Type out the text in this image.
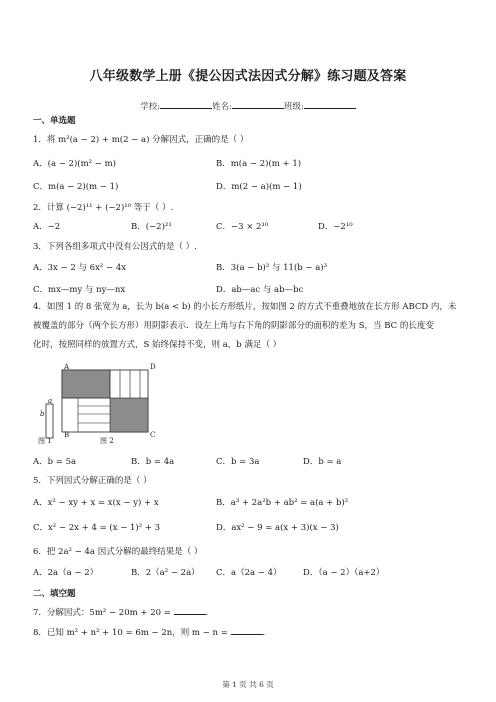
八年级数学上册《提公因式法因式分解》练习题及答案
学校:	姓名:	班级:
一、单选题
1．将 m²(a − 2) + m(2 − a) 分解因式，正确的是（ ）
A．(a − 2)(m² − m)	B．m(a − 2)(m + 1)
C．m(a − 2)(m − 1)	D．m(2 − a)(m − 1)
2．计算 (−2)¹¹ + (−2)¹⁰ 等于（ ）.
A．−2	B．(−2)²¹	C．−3 × 2¹⁰	D．−2¹⁰
3．下列各组多项式中没有公因式的是（ ）.
A．3x − 2 与 6x² − 4x	B．3(a − b)² 与 11(b − a)³
C．mx—my 与 ny—nx	D．ab—ac 与 ab—bc
4．如图 1 的 8 张宽为 a，长为 b(a < b) 的小长方形纸片，按如图 2 的方式不重叠地放在长方形 ABCD 内，未
被覆盖的部分（两个长方形）用阴影表示．设左上角与右下角的阴影部分的面积的差为 S，当 BC 的长度变
化时，按照同样的放置方式，S 始终保持不变，则 a，b 满足（ ）
A	D
B	C
a
b
图 1	图 2
A．b = 5a	B．b = 4a	C．b = 3a	D．b = a
5．下列因式分解正确的是（ ）
A．x² − xy + x = x(x − y) + x	B．a³ + 2a²b + ab² = a(a + b)²
C．x² − 2x + 4 = (x − 1)² + 3	D．ax² − 9 = a(x + 3)(x − 3)
6．把 2a² − 4a 因式分解的最终结果是（ ）
A．2a（a − 2）	B．2（a² − 2a） C．a（2a − 4）	D．（a − 2）（a+2）
二、填空题
7．分解因式：5m² − 20m + 20 =	.
8．已知 m² + n² + 10 = 6m − 2n，则 m − n =	.
第 1 页 共 6 页
